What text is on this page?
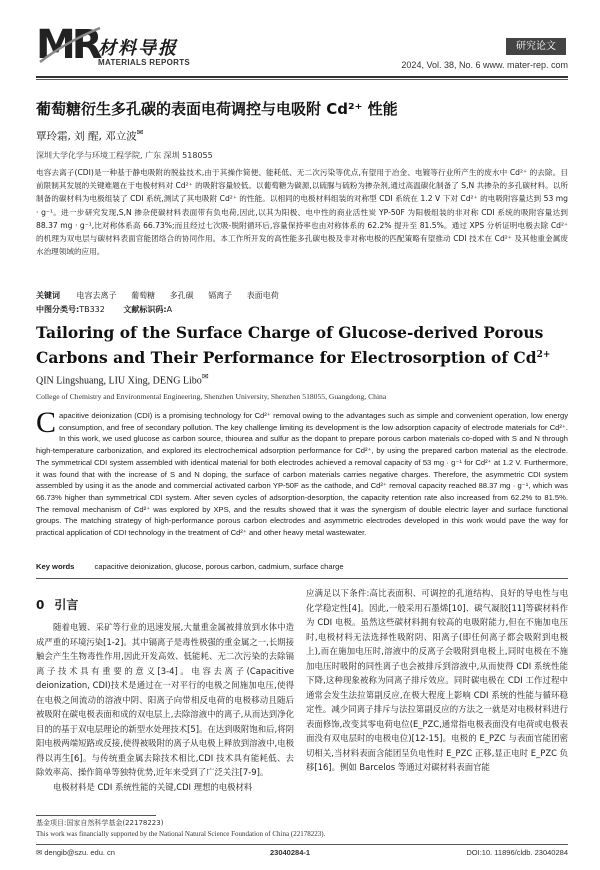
MR 材料导报
MATERIALS REPORTS
研究论文
2024, Vol. 38, No. 6 www. mater-rep. com
葡萄糖衍生多孔碳的表面电荷调控与电吸附 Cd²⁺ 性能
覃玲霜, 刘 醒, 邓立波✉
深圳大学化学与环境工程学院, 广东 深圳 518055
电容去离子(CDI)是一种基于静电吸附的脱盐技术,由于其操作简便、能耗低、无二次污染等优点,有望用于冶金、电镀等行业所产生的废水中 Cd²⁺ 的去除。目前限制其发展的关键难题在于电极材料对 Cd²⁺ 的吸附容量较低。以葡萄糖为碳源,以硫脲与硫粉为掺杂剂,通过高温碳化制备了 S,N 共掺杂的多孔碳材料。以所制备的碳材料为电极组装了 CDI 系统,测试了其电吸附 Cd²⁺ 的性能。以相同的电极材料组装的对称型 CDI 系统在 1.2 V 下对 Cd²⁺ 的电吸附容量达到 53 mg · g⁻¹。进一步研究发现,S,N 掺杂使碳材料表面带有负电荷,因此,以其为阳极、电中性的商业活性炭 YP-50F 为阳极组装的非对称 CDI 系统的吸附容量达到 88.37 mg · g⁻¹,比对称体系高 66.73%;而且经过七次吸-脱附循环后,容量保持率也由对称体系的 62.2% 提升至 81.5%。通过 XPS 分析证明电极去除 Cd²⁺ 的机理为双电层与碳材料表面官能团络合的协同作用。本工作所开发的高性能多孔碳电极及非对称电极的匹配策略有望推动 CDI 技术在 Cd²⁺ 及其他重金属废水治理领域的应用。
关键词 电容去离子 葡萄糖 多孔碳 镉离子 表面电荷
中图分类号:TB332 文献标识码:A
Tailoring of the Surface Charge of Glucose-derived Porous Carbons and Their Performance for Electrosorption of $Cd^{2+}$
QIN Lingshuang, LIU Xing, DENG Libo✉
College of Chemistry and Environmental Engineering, Shenzhen University, Shenzhen 518055, Guangdong, China
Capacitive deionization (CDI) is a promising technology for Cd²⁺ removal owing to the advantages such as simple and convenient operation, low energy consumption, and free of secondary pollution. The key challenge limiting its development is the low adsorption capacity of electrode materials for Cd²⁺. In this work, we used glucose as carbon source, thiourea and sulfur as the dopant to prepare porous carbon materials co-doped with S and N through high-temperature carbonization, and explored its electrochemical adsorption performance for Cd²⁺, by using the prepared carbon material as the electrode. The symmetrical CDI system assembled with identical material for both electrodes achieved a removal capacity of 53 mg · g⁻¹ for Cd²⁺ at 1.2 V. Furthermore, it was found that with the increase of S and N doping, the surface of carbon materials carries negative charges. Therefore, the asymmetric CDI system assembled by using it as the anode and commercial activated carbon YP-50F as the cathode, and Cd²⁺ removal capacity reached 88.37 mg · g⁻¹, which was 66.73% higher than symmetrical CDI system. After seven cycles of adsorption-desorption, the capacity retention rate also increased from 62.2% to 81.5%. The removal mechanism of Cd²⁺ was explored by XPS, and the results showed that it was the synergism of double electric layer and surface functional groups. The matching strategy of high-performance porous carbon electrodes and asymmetric electrodes developed in this work would pave the way for practical application of CDI technology in the treatment of Cd²⁺ and other heavy metal wastewater.
Key words	capacitive deionization, glucose, porous carbon, cadmium, surface charge
0 引言

随着电镀、采矿等行业的迅速发展,大量重金属被排放到水体中造成严重的环境污染[1-2]。其中镉离子是毒性极强的重金属之一,长期接触会产生生物毒性作用,因此开发高效、低能耗、无二次污染的去除镉离子技术具有重要的意义[3-4]。电容去离子(Capacitive deionization, CDI)技术是通过在一对平行的电极之间施加电压,使得在电极之间流动的溶液中阴、阳离子向带相反电荷的电极移动且随后被吸附在碳电极表面和成的双电层上,去除溶液中的离子,从而达到净化目的的基于双电层理论的新型水处理技术[5]。在达到吸附饱和后,将阴阳电极两端短路或反接,使得被吸附的离子从电极上释放到溶液中,电极得以再生[6]。与传统重金属去除技术相比,CDI 技术具有能耗低、去除效率高、操作简单等独特优势,近年来受到了广泛关注[7-9]。

电极材料是 CDI 系统性能的关键,CDI 理想的电极材料

应满足以下条件:高比表面积、可调控的孔道结构、良好的导电性与电化学稳定性[4]。因此,一般采用石墨烯[10]、碳气凝胶[11]等碳材料作为 CDI 电极。虽然这些碳材料拥有较高的电吸附能力,但在不施加电压时,电极材料无法选择性吸附阴、阳离子(即任何离子都会吸附到电极上),而在施加电压时,溶液中的反离子会吸附到电极上,同时电极在不施加电压时吸附的同性离子也会被排斥到溶液中,从而使得 CDI 系统性能下降,这种现象被称为同离子排斥效应。同时碳电极在 CDI 工作过程中通常会发生法拉第副反应,在极大程度上影响 CDI 系统的性能与循环稳定性。减少同离子排斥与法拉第副反应的方法之一就是对电极材料进行表面修饰,改变其零电荷电位(E_PZC,通常指电极表面没有电荷或电极表面没有双电层时的电极电位)[12-15]。电极的 E_PZC 与表面官能团密切相关,当材料表面含能团呈负电性时 E_PZC 正移,显正电时 E_PZC 负移[16]。例如 Barcelos 等通过对碳材料表面官能

基金项目:国家自然科学基金(22178223)
This work was financially supported by the National Natural Science Foundation of China (22178223).
✉ dengib@szu. edu. cn	23040284-1	DOI:10. 11896/cldb. 23040284
